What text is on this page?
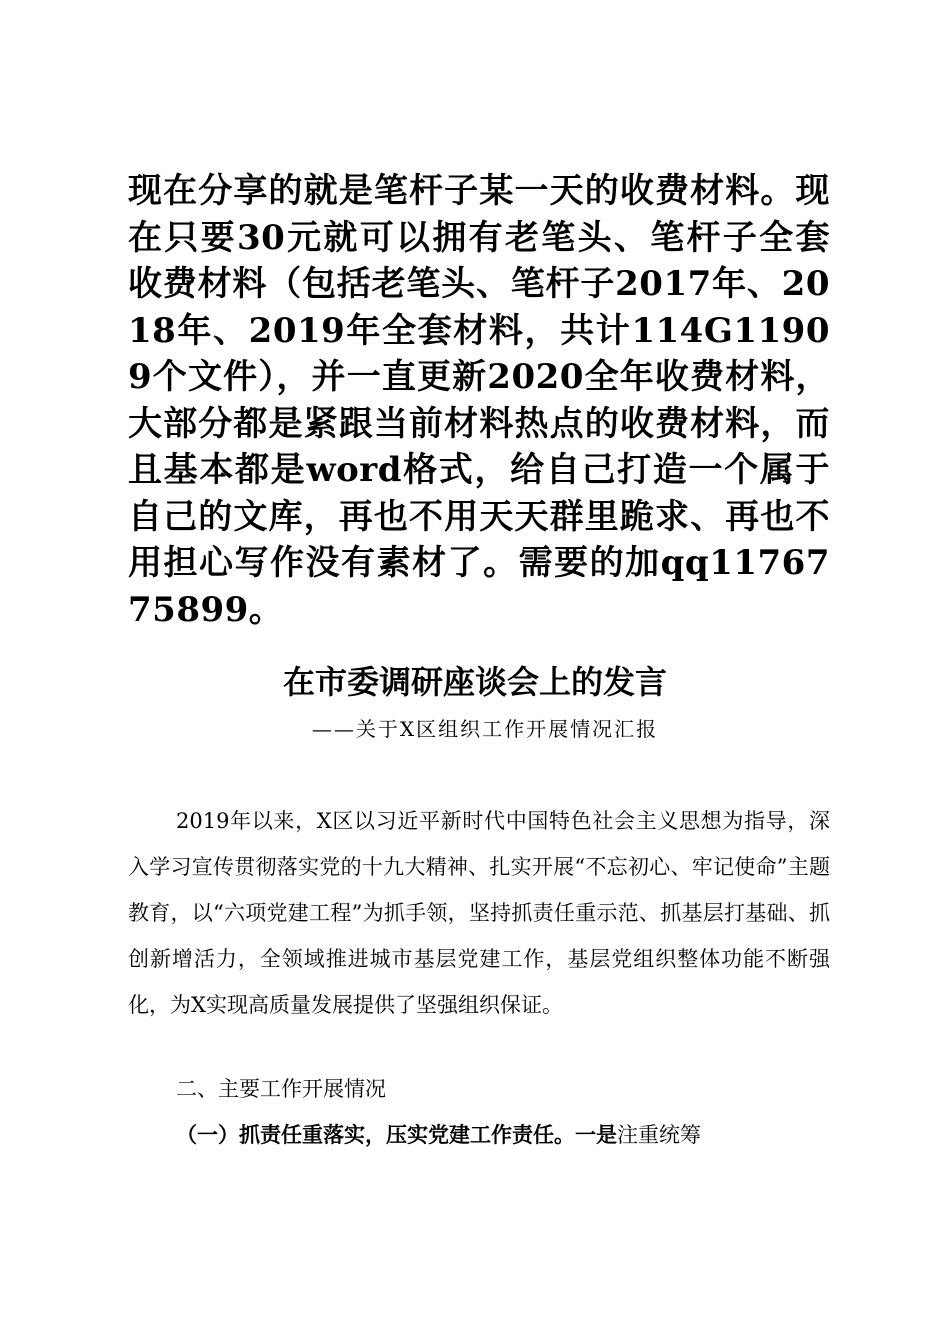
现在分享的就是笔杆子某一天的收费材料。现在只要30元就可以拥有老笔头、笔杆子全套收费材料（包括老笔头、笔杆子2017年、2018年、2019年全套材料，共计114G11909个文件），并一直更新2020全年收费材料，大部分都是紧跟当前材料热点的收费材料，而且基本都是word格式，给自己打造一个属于自己的文库，再也不用天天群里跪求、再也不用担心写作没有素材了。需要的加qq1176775899。

在市委调研座谈会上的发言

——关于X区组织工作开展情况汇报

2019年以来，X区以习近平新时代中国特色社会主义思想为指导，深入学习宣传贯彻落实党的十九大精神、扎实开展“不忘初心、牢记使命”主题教育，以“六项党建工程”为抓手领，坚持抓责任重示范、抓基层打基础、抓创新增活力，全领域推进城市基层党建工作，基层党组织整体功能不断强化，为X实现高质量发展提供了坚强组织保证。

二、主要工作开展情况

（一）抓责任重落实，压实党建工作责任。一是注重统筹
